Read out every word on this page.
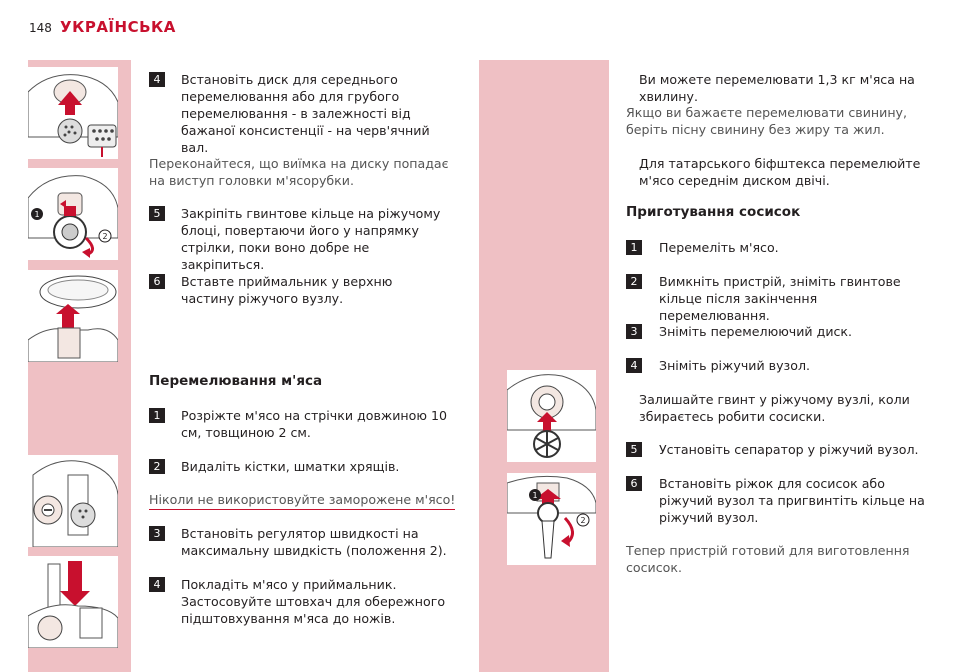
148 УКРАЇНСЬКА
1
2
1
2
4	Встановіть диск для середнього перемелювання або для грубого перемелювання - в залежності від бажаної консистенції - на черв'ячний вал.
Переконайтеся, що виїмка на диску попадає на виступ головки м'ясорубки.
5	Закріпіть гвинтове кільце на ріжучому блоці, повертаючи його у напрямку стрілки, поки воно добре не закріпиться.
6	Вставте приймальник у верхню частину ріжучого вузлу.
Перемелювання м'яса
1	Розріжте м'ясо на стрічки довжиною 10 см, товщиною 2 см.
2	Видаліть кістки, шматки хрящів.
Ніколи не використовуйте заморожене м'ясо!
3	Встановіть регулятор швидкості на максимальну швидкість (положення 2).
4	Покладіть м'ясо у приймальник. Застосовуйте штовхач для обережного підштовхування м'яса до ножів.
Ви можете перемелювати 1,3 кг м'яса на хвилину.
Якщо ви бажаєте перемелювати свинину, беріть пісну свинину без жиру та жил.
Для татарського біфштекса перемелюйте м'ясо середнім диском двічі.
Приготування сосисок
1	Перемеліть м'ясо.
2	Вимкніть пристрій, зніміть гвинтове кільце після закінчення перемелювання.
3	Зніміть перемелюючий диск.
4	Зніміть ріжучий вузол.
Залишайте гвинт у ріжучому вузлі, коли збираєтесь робити сосиски.
5	Установіть сепаратор у ріжучий вузол.
6	Встановіть ріжок для сосисок або ріжучий вузол та пригвинтіть кільце на ріжучий вузол.
Тепер пристрій готовий для виготовлення сосисок.
